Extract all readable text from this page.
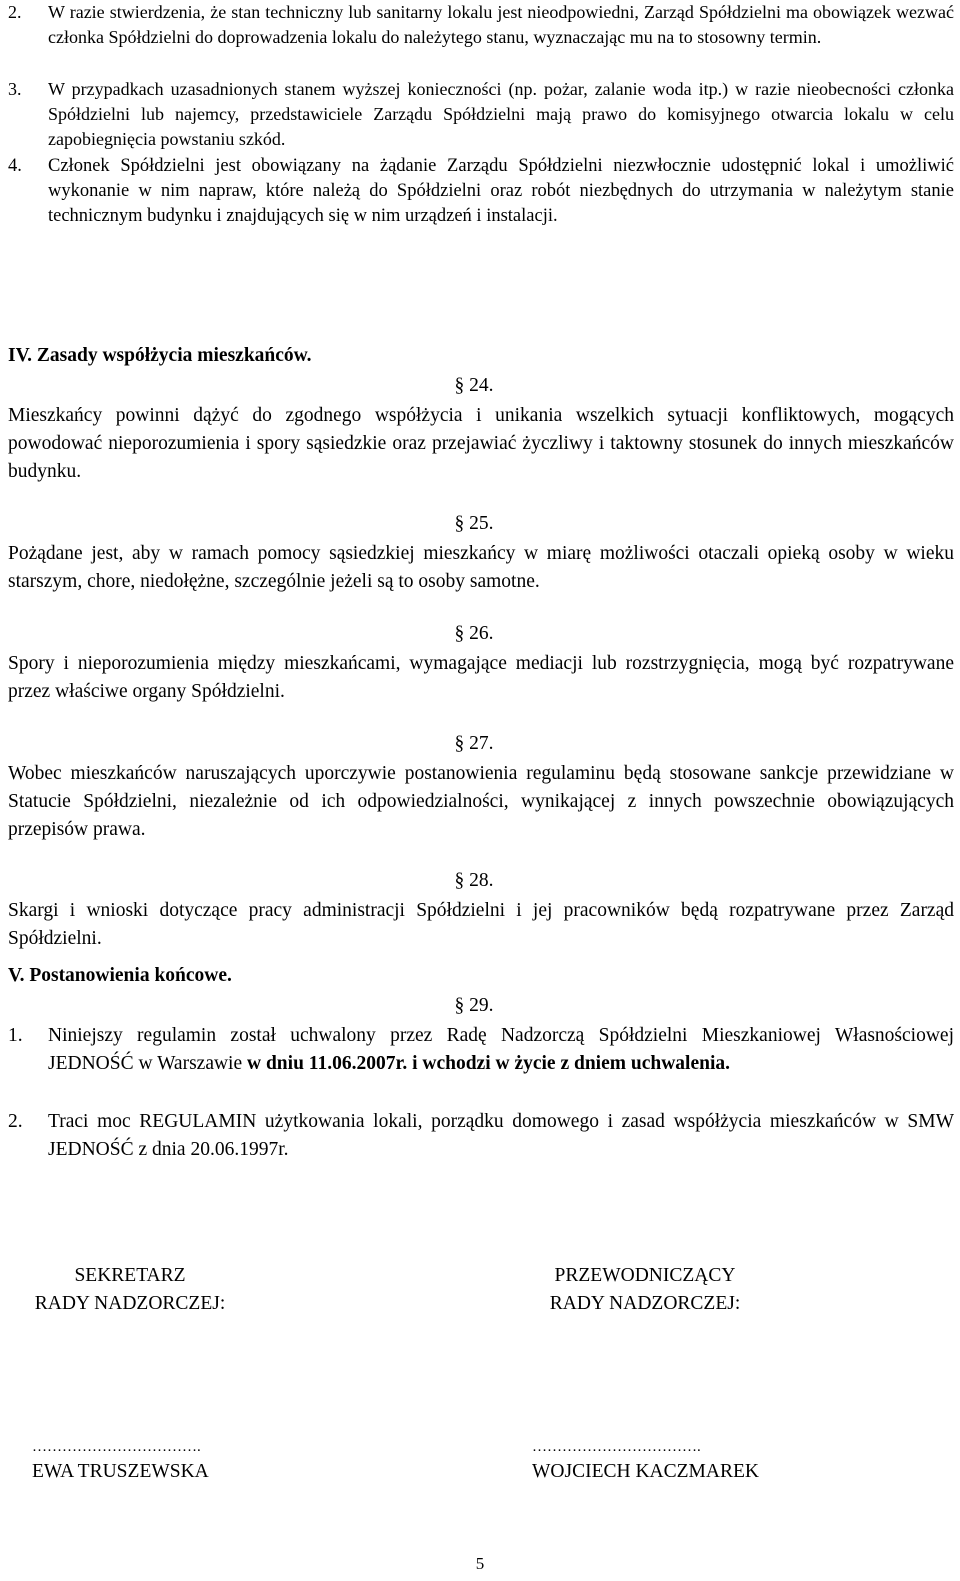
2. W razie stwierdzenia, że stan techniczny lub sanitarny lokalu jest nieodpowiedni, Zarząd Spółdzielni ma obowiązek wezwać członka Spółdzielni do doprowadzenia lokalu do należytego stanu, wyznaczając mu na to stosowny termin.
3. W przypadkach uzasadnionych stanem wyższej konieczności (np. pożar, zalanie woda itp.) w razie nieobecności członka Spółdzielni lub najemcy, przedstawiciele Zarządu Spółdzielni mają prawo do komisyjnego otwarcia lokalu w celu zapobiegnięcia powstaniu szkód.
4. Członek Spółdzielni jest obowiązany na żądanie Zarządu Spółdzielni niezwłocznie udostępnić lokal i umożliwić wykonanie w nim napraw, które należą do Spółdzielni oraz robót niezbędnych do utrzymania w należytym stanie technicznym budynku i znajdujących się w nim urządzeń i instalacji.
IV. Zasady współżycia mieszkańców.
§ 24.
Mieszkańcy powinni dążyć do zgodnego współżycia i unikania wszelkich sytuacji konfliktowych, mogących powodować nieporozumienia i spory sąsiedzkie oraz przejawiać życzliwy i taktowny stosunek do innych mieszkańców budynku.
§ 25.
Pożądane jest, aby w ramach pomocy sąsiedzkiej mieszkańcy w miarę możliwości otaczali opieką osoby w wieku starszym, chore, niedołężne, szczególnie jeżeli są to osoby samotne.
§ 26.
Spory i nieporozumienia między mieszkańcami, wymagające mediacji lub rozstrzygnięcia, mogą być rozpatrywane przez właściwe organy Spółdzielni.
§ 27.
Wobec mieszkańców naruszających uporczywie postanowienia regulaminu będą stosowane sankcje przewidziane w Statucie Spółdzielni, niezależnie od ich odpowiedzialności, wynikającej z innych powszechnie obowiązujących przepisów prawa.
§ 28.
Skargi i wnioski dotyczące pracy administracji Spółdzielni i jej pracowników będą rozpatrywane przez Zarząd Spółdzielni.
V. Postanowienia końcowe.
§ 29.
1. Niniejszy regulamin został uchwalony przez Radę Nadzorczą Spółdzielni Mieszkaniowej Własnościowej JEDNOŚĆ w Warszawie w dniu 11.06.2007r. i wchodzi w życie z dniem uchwalenia.
2. Traci moc REGULAMIN użytkowania lokali, porządku domowego i zasad współżycia mieszkańców w SMW JEDNOŚĆ z dnia 20.06.1997r.
SEKRETARZ
RADY NADZORCZEJ:
PRZEWODNICZĄCY
RADY NADZORCZEJ:
…………………………….
EWA TRUSZEWSKA
…………………………….
WOJCIECH KACZMAREK
5
